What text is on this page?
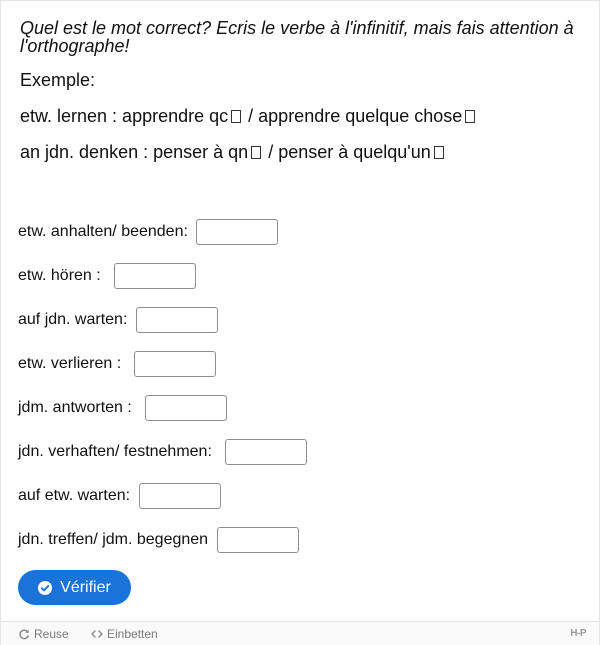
Quel est le mot correct? Ecris le verbe à l'infinitif, mais fais attention à l'orthographe!
Exemple:
etw. lernen : apprendre qc / apprendre quelque chose
an jdn. denken : penser à qn / penser à quelqu'un
etw. anhalten/ beenden:
etw. hören :
auf jdn. warten:
etw. verlieren :
jdm. antworten :
jdn. verhaften/ festnehmen:
auf etw. warten:
jdn. treffen/ jdm. begegnen
Vérifier
Reuse	Einbetten	H-P
